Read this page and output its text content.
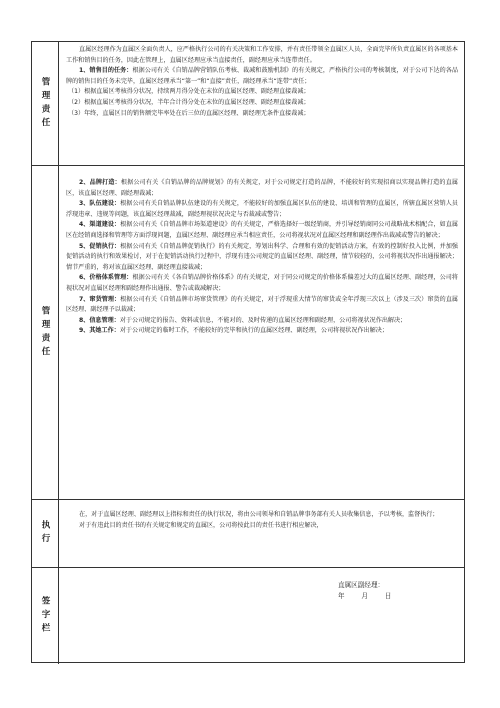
管理责任

直属区经理作为直属区全面负责人，应严格执行公司的有关决策和工作安排，并有责任带领全直属区人员，全面完毕所负责直属区的各项基本工作和销售目的任务，因此在管理上，直属区经理应承当直接责任，副经理应承当连带责任。

1、销售目的任务：根据公司有关《自销品牌营销队伍考核、裁减和鼓励机制》的有关规定，严格执行公司的考核制度，对于公司下达的各品牌的销售目的任务未完毕，直属区经理承当“第一”和“直接”责任，副经理承当“连带”责任；

（1）根据直属区考核得分状况，持续两月得分处在末位的直属区经理、副经理直接裁减；

（2）根据直属区考核得分状况，半年合计得分处在末位的直属区经理、副经理直接裁减；

（3）年终，直属区目的销售额完毕率处在后三位的直属区经理、副经理无条件直接裁减；

管理责任

2、品牌打造：根据公司有关《自销品牌的品牌规划》的有关规定，对于公司规定打造的品牌，不能较好的实现招商以实现品牌打造的直属区，该直属区经理、副经理裁减；

3、队伍建设：根据公司有关自销品牌队伍建设的有关规定，不能较好的加强直属区队伍的建设、培训和管理的直属区，所辖直属区营销人员浮现违章、违规等问题，该直属区经理裁减，副经理视状况决定与否裁减或警告；

4、渠道建设：根据公司有关《自销品牌市场渠道建设》的有关规定，严格选择好一级经销商，并引导经销商同公司战略战术相配合，如直属区在经销商选择和管理等方面浮现问题，直属区经理、副经理应承当相应责任，公司将视状况对直属区经理和副经理作出裁减或警告的解决；

5、促销执行：根据公司有关《自销品牌促销执行》的有关规定，筹划出科学、合理和有效的促销活动方案，有效的控制好投入比例，并加强促销活动的执行和效果检讨，对于在促销活动执行过程中，浮现有违公司规定的直属区经理、副经理，情节较轻的，公司将视状况作出通报解决；情节严重的，将对该直属区经理、副经理直接裁减；

6、价格体系管理：根据公司有关《各自销品牌价格体系》的有关规定，对于同公司规定的价格体系偏差过大的直属区经理、副经理，公司将视状况对直属区经理和副经理作出通报、警告或裁减解决；

7、窜货管理：根据公司有关《自销品牌市场窜货管理》的有关规定，对于浮现重大情节的窜货或全年浮现三次以上（涉及三次）窜货的直属区经理、副经理予以裁减；

8、信息管理：对于公司规定的报告、资料或信息，不能对的、及时传递的直属区经理和副经理，公司将视状况作出解决；

9、其她工作：对于公司规定的临时工作，不能较好的完毕和执行的直属区经理、副经理，公司将视状况作出解决；

执行

在，对于直属区经理、副经理以上指标和责任的执行状况，将由公司领导和自销品牌事务部有关人员收集信息，予以考核，监督执行；

对于有违此目的责任书的有关规定和规定的直属区，公司将按此目的责任书进行相应解决，

签字栏
直属区副经理：
年        月        日
